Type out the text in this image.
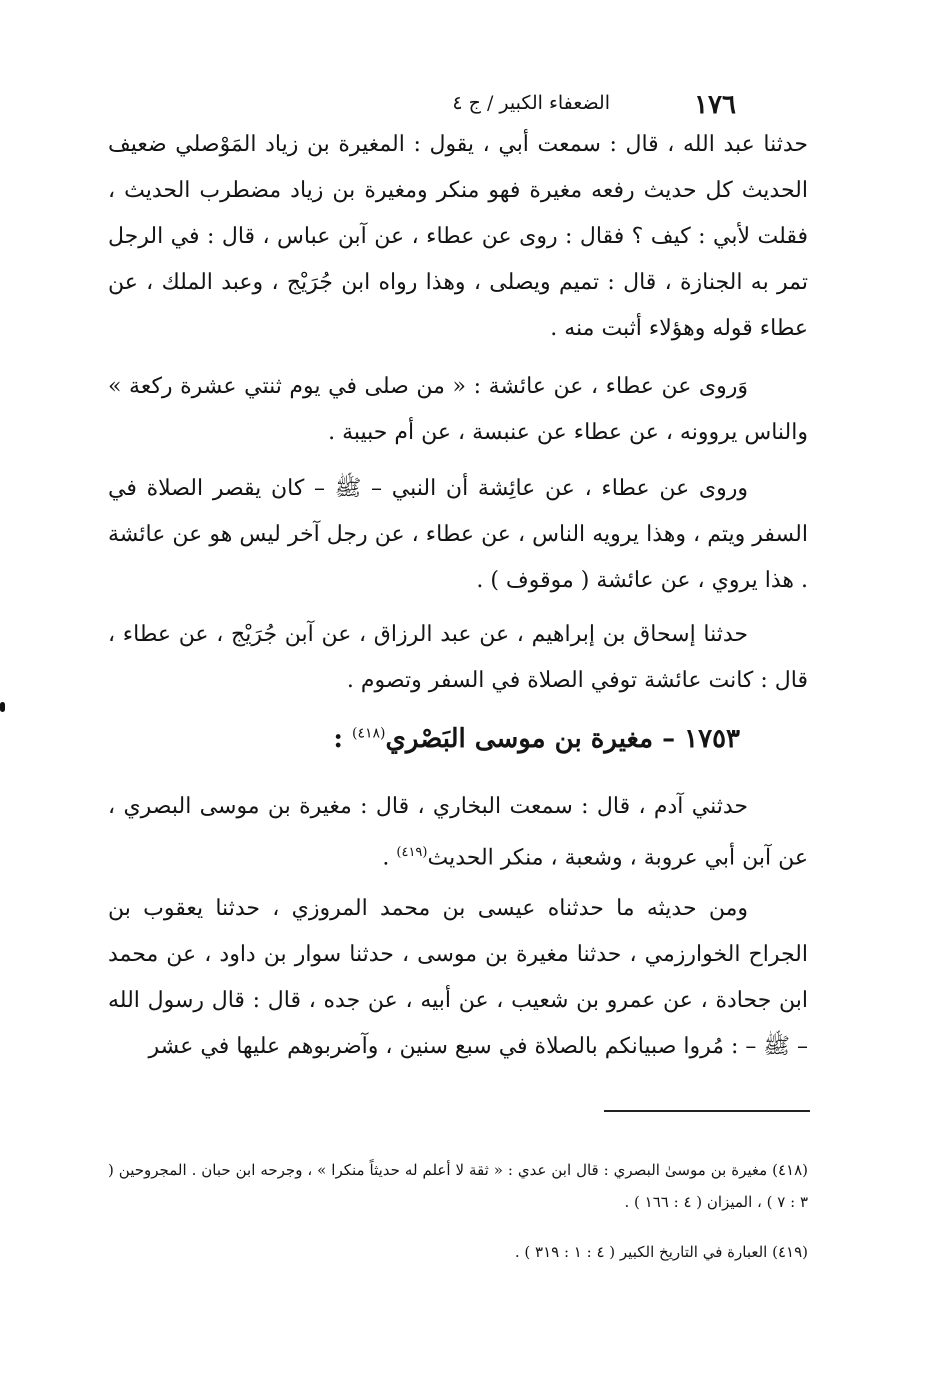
١٧٦
الضعفاء الكبير / ج ٤

حدثنا عبد الله ، قال : سمعت أبي ، يقول : المغيرة بن زياد المَوْصلي ضعيف الحديث كل حديث رفعه مغيرة فهو منكر ومغيرة بن زياد مضطرب الحديث ، فقلت لأبي : كيف ؟ فقال : روى عن عطاء ، عن آبن عباس ، قال : في الرجل تمر به الجنازة ، قال : تميم ويصلى ، وهذا رواه ابن جُرَيْج ، وعبد الملك ، عن عطاء قوله وهؤلاء أثبت منه .

وَروى عن عطاء ، عن عائشة : « من صلى في يوم ثنتي عشرة ركعة » والناس يروونه ، عن عطاء عن عنبسة ، عن أم حبيبة .

وروى عن عطاء ، عن عائِشة أن النبي – ﷺ – كان يقصر الصلاة في السفر ويتم ، وهذا يرويه الناس ، عن عطاء ، عن رجل آخر ليس هو عن عائشة . هذا يروي ، عن عائشة ( موقوف ) .

حدثنا إسحاق بن إبراهيم ، عن عبد الرزاق ، عن آبن جُرَيْج ، عن عطاء ، قال : كانت عائشة توفي الصلاة في السفر وتصوم .

١٧٥٣ – مغيرة بن موسى البَصْري$^{(٤١٨)}$ :

حدثني آدم ، قال : سمعت البخاري ، قال : مغيرة بن موسى البصري ، عن آبن أبي عروبة ، وشعبة ، منكر الحديث$^{(٤١٩)}$ .

ومن حديثه ما حدثناه عيسى بن محمد المروزي ، حدثنا يعقوب بن الجراح الخوارزمي ، حدثنا مغيرة بن موسى ، حدثنا سوار بن داود ، عن محمد ابن جحادة ، عن عمرو بن شعيب ، عن أبيه ، عن جده ، قال : قال رسول الله – ﷺ – : مُروا صبيانكم بالصلاة في سبع سنين ، وآضربوهم عليها في عشر

(٤١٨) مغيرة بن موسىٰ البصري : قال ابن عدي : « ثقة لا أعلم له حديثاً منكرا » ، وجرحه ابن حبان . المجروحين ( ٣ : ٧ ) ، الميزان ( ٤ : ١٦٦ ) .

(٤١٩) العبارة في التاريخ الكبير ( ٤ : ١ : ٣١٩ ) .
